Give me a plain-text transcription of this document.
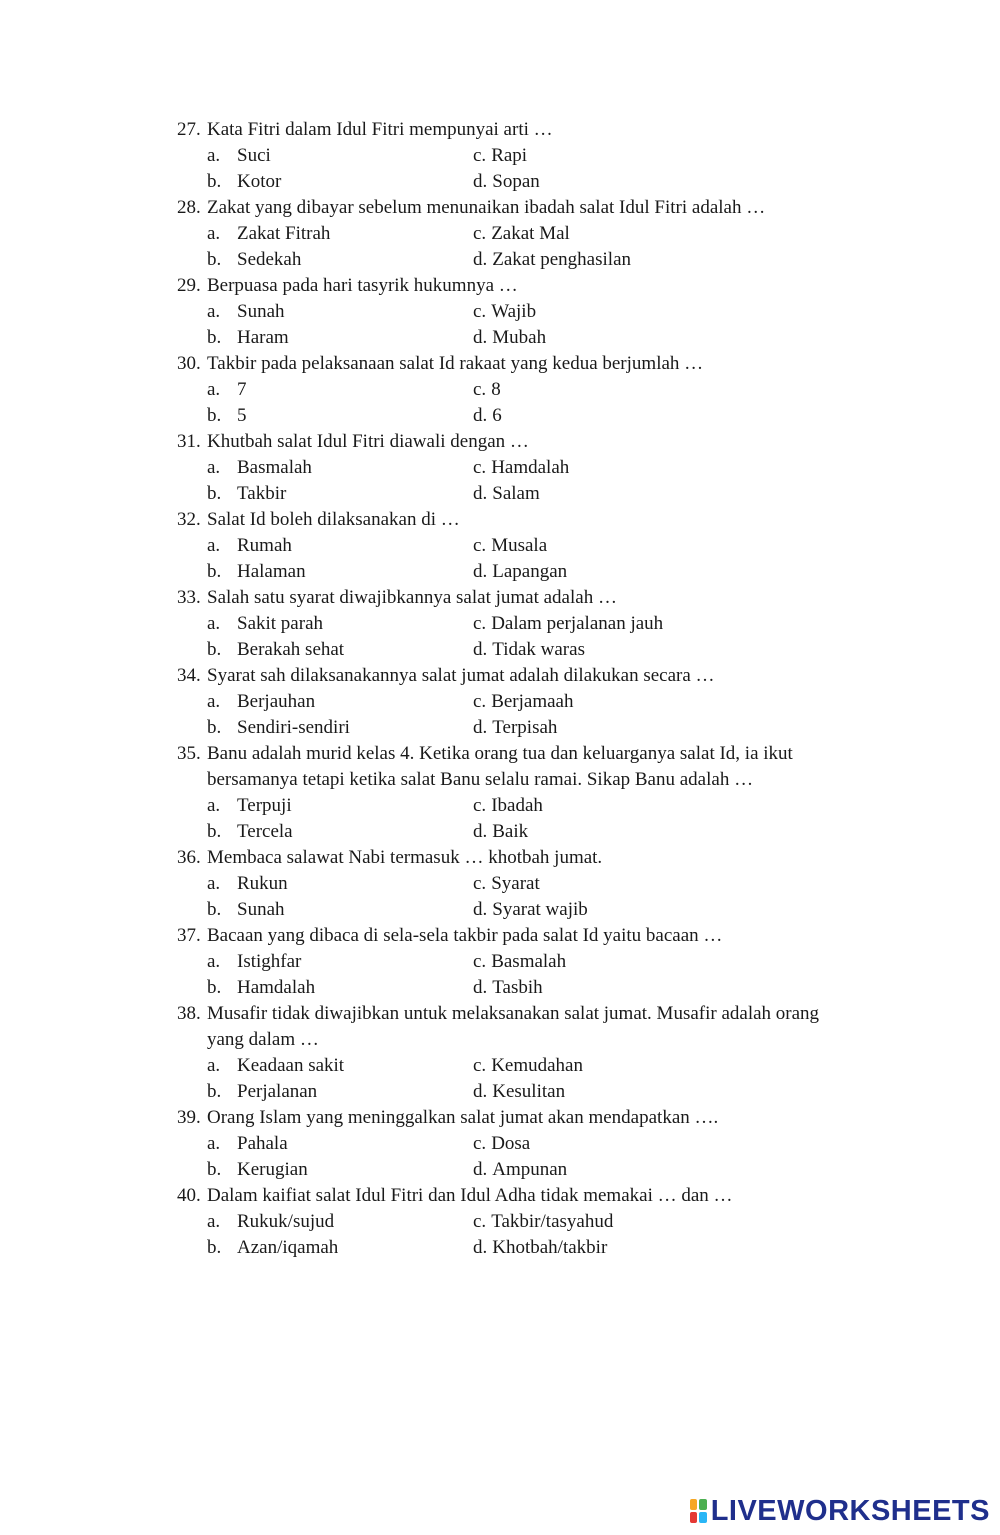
27. Kata Fitri dalam Idul Fitri mempunyai arti …
a. Suci	c. Rapi
b. Kotor	d. Sopan
28. Zakat yang dibayar sebelum menunaikan ibadah salat Idul Fitri adalah …
a. Zakat Fitrah	c. Zakat Mal
b. Sedekah	d. Zakat penghasilan
29. Berpuasa pada hari tasyrik hukumnya …
a. Sunah	c. Wajib
b. Haram	d. Mubah
30. Takbir pada pelaksanaan salat Id rakaat yang kedua berjumlah …
a. 7	c. 8
b. 5	d. 6
31. Khutbah salat Idul Fitri diawali dengan …
a. Basmalah	c. Hamdalah
b. Takbir	d. Salam
32. Salat Id boleh dilaksanakan di …
a. Rumah	c. Musala
b. Halaman	d. Lapangan
33. Salah satu syarat diwajibkannya salat jumat adalah …
a. Sakit parah	c. Dalam perjalanan jauh
b. Berakah sehat	d. Tidak waras
34. Syarat sah dilaksanakannya salat jumat adalah dilakukan secara …
a. Berjauhan	c. Berjamaah
b. Sendiri-sendiri	d. Terpisah
35. Banu adalah murid kelas 4. Ketika orang tua dan keluarganya salat Id, ia ikut
bersamanya tetapi ketika salat Banu selalu ramai. Sikap Banu adalah …
a. Terpuji	c. Ibadah
b. Tercela	d. Baik
36. Membaca salawat Nabi termasuk … khotbah jumat.
a. Rukun	c. Syarat
b. Sunah	d. Syarat wajib
37. Bacaan yang dibaca di sela-sela takbir pada salat Id yaitu bacaan …
a. Istighfar	c. Basmalah
b. Hamdalah	d. Tasbih
38. Musafir tidak diwajibkan untuk melaksanakan salat jumat. Musafir adalah orang
yang dalam …
a. Keadaan sakit	c. Kemudahan
b. Perjalanan	d. Kesulitan
39. Orang Islam yang meninggalkan salat jumat akan mendapatkan ….
a. Pahala	c. Dosa
b. Kerugian	d. Ampunan
40. Dalam kaifiat salat Idul Fitri dan Idul Adha tidak memakai … dan …
a. Rukuk/sujud	c. Takbir/tasyahud
b. Azan/iqamah	d. Khotbah/takbir
LIVEWORKSHEETS
